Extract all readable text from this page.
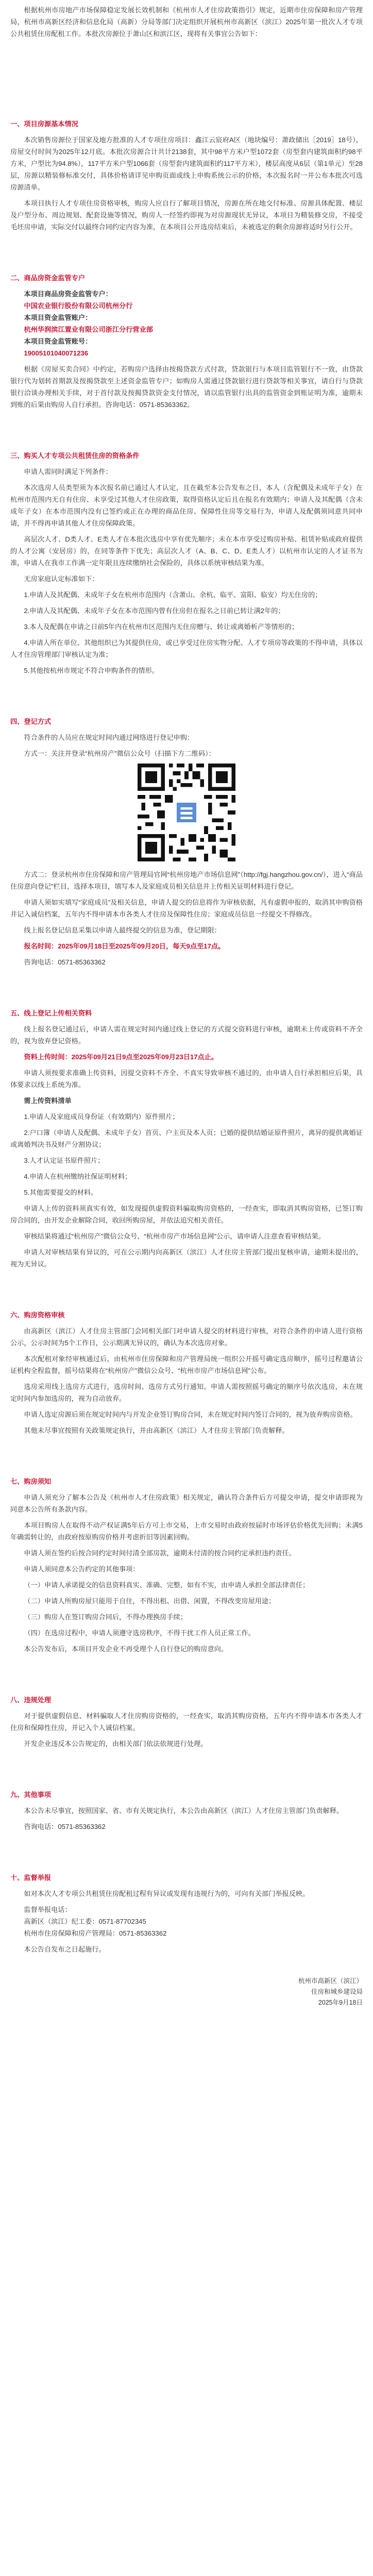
根据杭州市房地产市场保障稳定发展长效机制和《杭州市人才住房政策指引》规定，近期市住房保障和房产管理局，杭州市高新区经济和信息化局（高新）分局等部门决定组织开展杭州市高新区（滨江）2025年第一批次人才专项公共租赁住房配租工作。本批次房源位于萧山区和滨江区，现将有关事宜公告如下：

一、项目房源基本情况

本次销售房源位于国家及地方批准的人才专项住房项目：鑫江云宸府A区（地块编号：萧政储出［2019］18号），房屋交付时间为2025年12月底。本批次房源合计共计2138套，其中98平方米户型1072套（房型套内建筑面积约98平方米，户型比为94.8%），117平方米户型1066套（房型套内建筑面积约117平方米），楼层高度从6层（第1单元）至28层，房源以精装修标准交付，具体价格请详见申购页面或线上申购系统公示的价格，本次报名时一并公布本批次可选房源清单。

本项目执行人才专项住房资格审核，购房人应自行了解项目情况，房源在所在地交付标准、房源具体配置、楼层及户型分布、周边规划、配套设施等情况，购房人一经签约即视为对房源现状无异议，本项目为精装修交房，不接受毛坯房申请，实际交付以最终合同约定内容为准，在本项目公开选房结束后，未被选定的剩余房源将适时另行公开。

二、商品房资金监管专户

本项目商品房资金监管专户：

中国农业银行股份有限公司杭州分行

本项目资金监管账户：

杭州华润滨江置业有限公司浙江分行营业部

本项目资金监管账号：

19005101040071236

根据《房屋买卖合同》中约定，若购房户选择由按揭贷款方式付款，贷款银行与本项目监管银行不一致，由贷款银行代为划转首期款及按揭贷款至上述资金监管专户；如购房人需通过贷款银行进行贷款等相关事宜，请自行与贷款银行洽谈办理相关手续，对于首付款及按揭贷款资金支付情况，请以监管银行出具的监管资金到账证明为准，逾期未到账的后果由购房人自行承担。咨询电话：0571-85363362。

三、购买人才专项公共租赁住房的资格条件

申请人需同时满足下列条件：

本次选房人员类型须为本次报名前已通过人才认定，且在截至本公告发布之日，本人（含配偶及未成年子女）在杭州市范围内无自有住房、未享受过其他人才住房政策，取得资格认定后且在报名有效期内；申请人及其配偶（含未成年子女）在本市范围内没有已签约或正在办理的商品住房、保障性住房等交易行为，申请人及配偶须同意共同申请，并不得再申请其他人才住房保障政策。

高层次人才、D类人才、E类人才在本批次选房中享有优先顺序；未在本市享受过购房补贴、租赁补贴或政府提供的人才公寓（安居房）的，在同等条件下优先；高层次人才（A、B、C、D、E类人才）以杭州市认定的人才证书为准，申请人在我市工作满一定年限且连续缴纳社会保险的，具体以系统审核结果为准。

无房家庭认定标准如下：

1.申请人及其配偶、未成年子女在杭州市范围内（含萧山、余杭、临平、富阳、临安）均无住房的；

2.申请人及其配偶、未成年子女在本市范围内曾有住房但在报名之日前已转让满2年的；

3.本人及配偶在申请之日前5年内在杭州市区范围内无住房赠与、转让或离婚析产等情形的；

4.申请人所在单位、其他组织已为其提供住房，或已享受过住房实物分配、人才专项房等政策的不得申请，具体以人才住房管理部门审核认定为准；

5.其他按杭州市规定不符合申购条件的情形。

四、登记方式

符合条件的人员应在规定时间内通过网络进行登记申购：

方式一：关注并登录“杭州房产”微信公众号（扫描下方二维码）：

方式二：登录杭州市住房保障和房产管理局官网“杭州房地产市场信息网”（http://fgj.hangzhou.gov.cn/），进入“商品住房意向登记”栏目，选择本项目，填写本人及家庭成员相关信息并上传相关证明材料进行登记。

申请人须如实填写“家庭成员”及相关信息，申请人提交的信息将作为审核依据，凡有虚假申报的，取消其申购资格并记入诚信档案，五年内不得申请本市各类人才住房及保障性住房；家庭成员信息一经提交不得修改。

线上报名登记信息采集以申请人最终提交的信息为准，登记期限：

报名时间：2025年09月18日至2025年09月20日，每天9点至17点。

咨询电话：0571-85363362

五、线上登记上传相关资料

线上报名登记通过后，申请人需在规定时间内通过线上登记的方式提交资料进行审核，逾期未上传或资料不齐全的，视为放弃登记资格。

资料上传时间：2025年09月21日9点至2025年09月23日17点止。

申请人须按要求准确上传资料，因提交资料不齐全、不真实导致审核不通过的，由申请人自行承担相应后果，具体要求以线上系统为准。

需上传资料清单

1.申请人及家庭成员身份证（有效期内）原件照片；

2.户口簿（申请人及配偶、未成年子女）首页、户主页及本人页；已婚的提供结婚证原件照片，离异的提供离婚证或离婚判决书及财产分割协议；

3.人才认定证书原件照片；

4.申请人在杭州缴纳社保证明材料；

5.其他需要提交的材料。

申请人上传的资料须真实有效，如发现提供虚假资料骗取购房资格的，一经查实，即取消其购房资格，已签订购房合同的，由开发企业解除合同，收回所购房屋，并依法追究相关责任。

审核结果将通过“杭州房产”微信公众号、“杭州市房产市场信息网”公示，请申请人注意查看审核结果。

申请人对审核结果有异议的，可在公示期内向高新区（滨江）人才住房主管部门提出复核申请，逾期未提出的，视为无异议。

六、购房资格审核

由高新区（滨江）人才住房主管部门会同相关部门对申请人提交的材料进行审核，对符合条件的申请人进行资格公示，公示时间为5个工作日，公示期满无异议的，确认为本次选房对象。

本次配租对象经审核通过后，由杭州市住房保障和房产管理局统一组织公开摇号确定选房顺序，摇号过程邀请公证机构全程监督，摇号结果将在“杭州房产”微信公众号、“杭州市房产市场信息网”公布。

选房采用线上选房方式进行，选房时间、选房方式另行通知。申请人需按照摇号确定的顺序号依次选房，未在规定时间内参加选房的，视为自动放弃。

申请人选定房源后须在规定时间内与开发企业签订购房合同，未在规定时间内签订合同的，视为放弃购房资格。

其他未尽事宜按照有关政策规定执行，并由高新区（滨江）人才住房主管部门负责解释。

七、购房须知

申请人须充分了解本公告及《杭州市人才住房政策》相关规定，确认符合条件后方可提交申请，提交申请即视为同意本公告所有条款内容。

本项目购房人在取得不动产权证满5年后方可上市交易，上市交易时由政府按届时市场评估价格优先回购；未满5年确需转让的，由政府按原购房价格并考虑折旧等因素回购。

申请人须在签约后按合同约定时间付清全部房款，逾期未付清的按合同约定承担违约责任。

申请人须同意本公告约定的其他事项：

（一）申请人承诺提交的信息资料真实、准确、完整，如有不实，由申请人承担全部法律责任；

（二）申请人所购房屋只能用于自住，不得出租、出借、闲置，不得改变房屋用途；

（三）购房人在签订购房合同后，不得办理换房手续；

（四）在选房过程中，申请人须遵守选房秩序，不得干扰工作人员正常工作。

本公告发布后，本项目开发企业不再受理个人自行登记的购房意向。

八、违规处理

对于提供虚假信息、材料骗取人才住房购房资格的，一经查实，取消其购房资格，五年内不得申请本市各类人才住房和保障性住房，并记入个人诚信档案。

开发企业违反本公告规定的，由相关部门依法依规进行处理。

九、其他事项

本公告未尽事宜，按照国家、省、市有关规定执行，本公告由高新区（滨江）人才住房主管部门负责解释。

咨询电话：0571-85363362

十、监督举报

如对本次人才专项公共租赁住房配租过程有异议或发现有违规行为的，可向有关部门举报反映。

监督举报电话：

高新区（滨江）纪工委：0571-87702345

杭州市住房保障和房产管理局：0571-85363362

本公告自发布之日起施行。

杭州市高新区（滨江）

住房和城乡建设局

2025年9月18日
